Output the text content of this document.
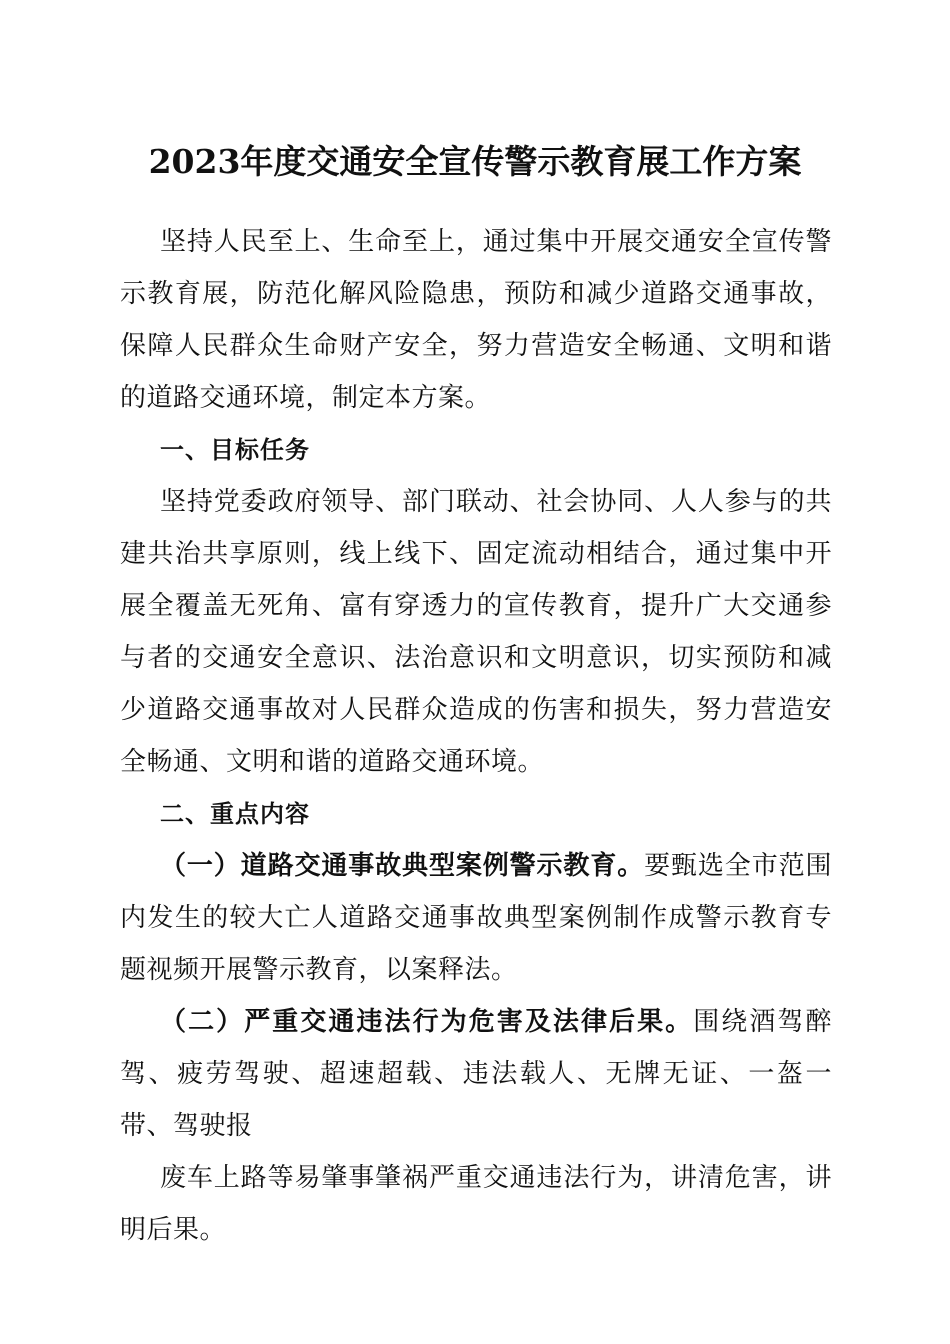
2023年度交通安全宣传警示教育展工作方案

坚持人民至上、生命至上，通过集中开展交通安全宣传警示教育展，防范化解风险隐患，预防和减少道路交通事故，保障人民群众生命财产安全，努力营造安全畅通、文明和谐的道路交通环境，制定本方案。

一、目标任务

坚持党委政府领导、部门联动、社会协同、人人参与的共建共治共享原则，线上线下、固定流动相结合，通过集中开展全覆盖无死角、富有穿透力的宣传教育，提升广大交通参与者的交通安全意识、法治意识和文明意识，切实预防和减少道路交通事故对人民群众造成的伤害和损失，努力营造安全畅通、文明和谐的道路交通环境。

二、重点内容

（一）道路交通事故典型案例警示教育。要甄选全市范围内发生的较大亡人道路交通事故典型案例制作成警示教育专题视频开展警示教育，以案释法。

（二）严重交通违法行为危害及法律后果。围绕酒驾醉驾、疲劳驾驶、超速超载、违法载人、无牌无证、一盔一带、驾驶报

废车上路等易肇事肇祸严重交通违法行为，讲清危害，讲明后果。
